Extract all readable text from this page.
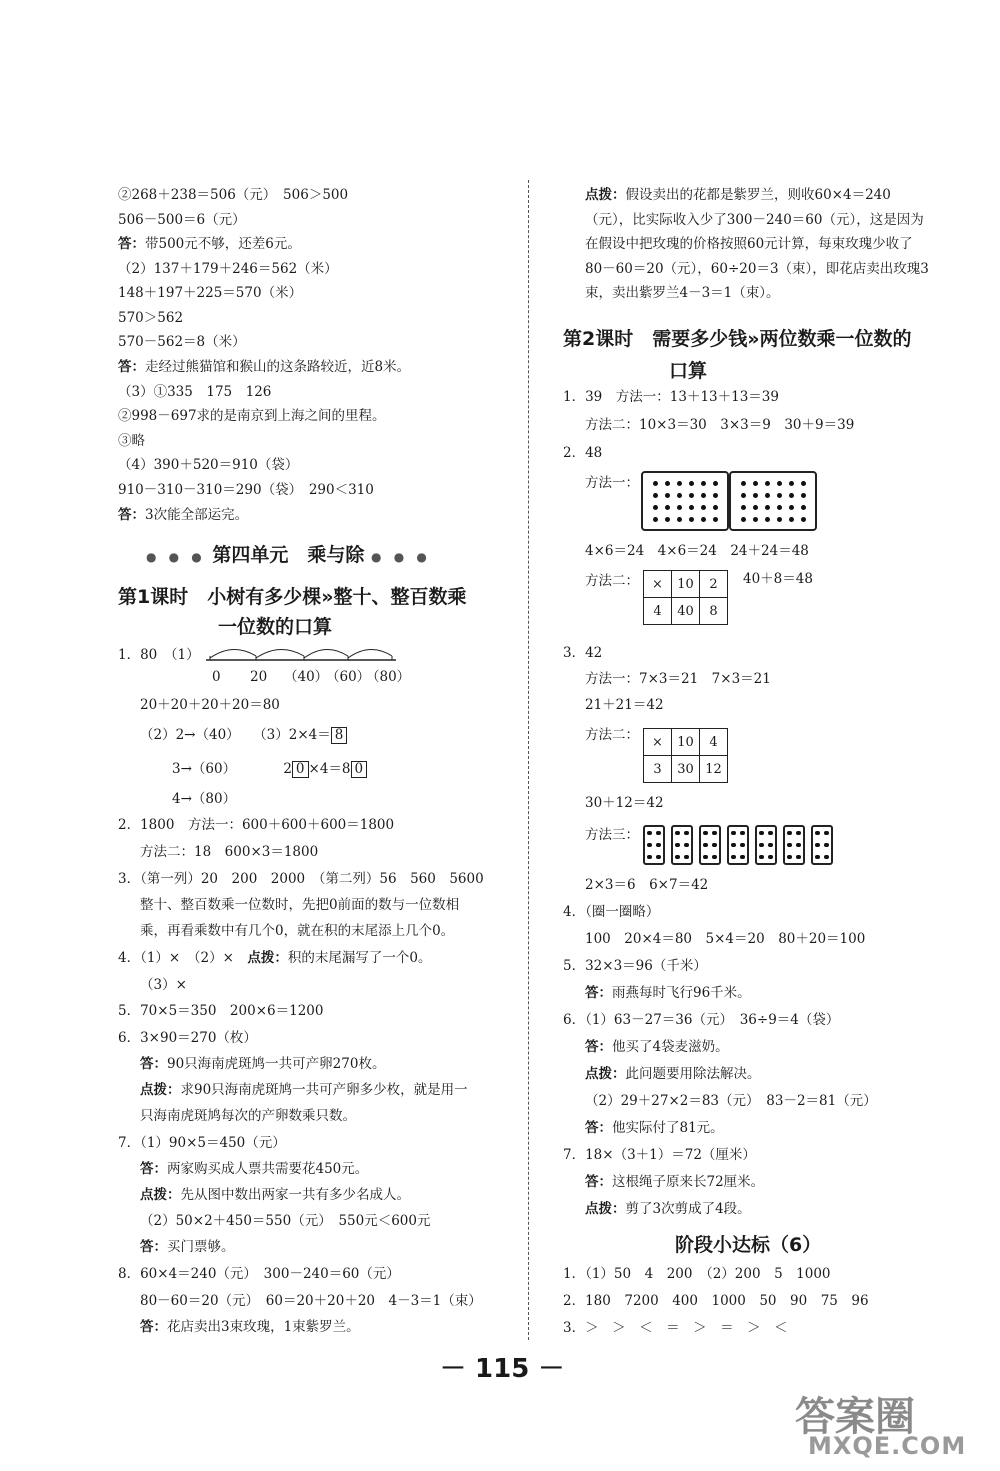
②268＋238＝506（元）　506＞500
506－500＝6（元）
答：带500元不够，还差6元。
（2）137＋179＋246＝562（米）
148＋197＋225＝570（米）
570＞562
570－562＝8（米）
答：走经过熊猫馆和猴山的这条路较近，近8米。
（3）①335　175　126
②998－697求的是南京到上海之间的里程。
③略
（4）390＋520＝910（袋）
910－310－310＝290（袋）　290＜310
答：3次能全部运完。
● ● ● 第四单元　乘与除 ● ● ●
第1课时　小树有多少棵»整十、整百数乘
一位数的口算
1．80　（1）
0 20 （40）
（60）
（80）
20＋20＋20＋20＝80
（2）2→（40）　　（3）2×4＝ 8
3→（60）　　　　2 0 ×4＝8 0
4→（80）
2．1800　方法一：600＋600＋600＝1800
方法二：18　600×3＝1800
3．（第一列）20　200　2000　（第二列）56　560　5600
整十、整百数乘一位数时，先把0前面的数与一位数相
乘，再看乘数中有几个0，就在积的末尾添上几个0。
4．（1）×　（2）×　点拨：积的末尾漏写了一个0。
（3）×
5．70×5＝350　200×6＝1200
6．3×90＝270（枚）
答：90只海南虎斑鸠一共可产卵270枚。
点拨：求90只海南虎斑鸠一共可产卵多少枚，就是用一
只海南虎斑鸠每次的产卵数乘只数。
7．（1）90×5＝450（元）
答：两家购买成人票共需要花450元。
点拨：先从图中数出两家一共有多少名成人。
（2）50×2＋450＝550（元）　550元＜600元
答：买门票够。
8．60×4＝240（元）　300－240＝60（元）
80－60＝20（元）　60＝20＋20＋20　4－3＝1（束）
答：花店卖出3束玫瑰，1束紫罗兰。
点拨：假设卖出的花都是紫罗兰，则收60×4＝240
（元），比实际收入少了300－240＝60（元），这是因为
在假设中把玫瑰的价格按照60元计算，每束玫瑰少收了
80－60＝20（元），60÷20＝3（束），即花店卖出玫瑰3
束，卖出紫罗兰4－3＝1（束）。
第2课时　需要多少钱»两位数乘一位数的
口算
1．39　方法一：13＋13＋13＝39
方法二：10×3＝30　3×3＝9　30＋9＝39
2．48
方法一：
4×6＝24　4×6＝24　24＋24＝48
方法二： ×	10	2
4	40	8
40＋8＝48
3．42
方法一：7×3＝21　7×3＝21
21＋21＝42
方法二： ×	10	4
3	30	12
30＋12＝42
方法三：
2×3＝6　6×7＝42
4．（圈一圈略）
100　20×4＝80　5×4＝20　80＋20＝100
5．32×3＝96（千米）
答：雨燕每时飞行96千米。
6．（1）63－27＝36（元）　36÷9＝4（袋）
答：他买了4袋麦滋奶。
点拨：此问题要用除法解决。
（2）29＋27×2＝83（元）　83－2＝81（元）
答：他实际付了81元。
7．18×（3＋1）＝72（厘米）
答：这根绳子原来长72厘米。
点拨：剪了3次剪成了4段。
阶段小达标（6）
1．（1）50　4　200　（2）200　5　1000
2．180　7200　400　1000　50　90　75　96
3．＞　＞　＜　＝　＞　＝　＞　＜
－ 115 －
答案圈
MXQE.COM
